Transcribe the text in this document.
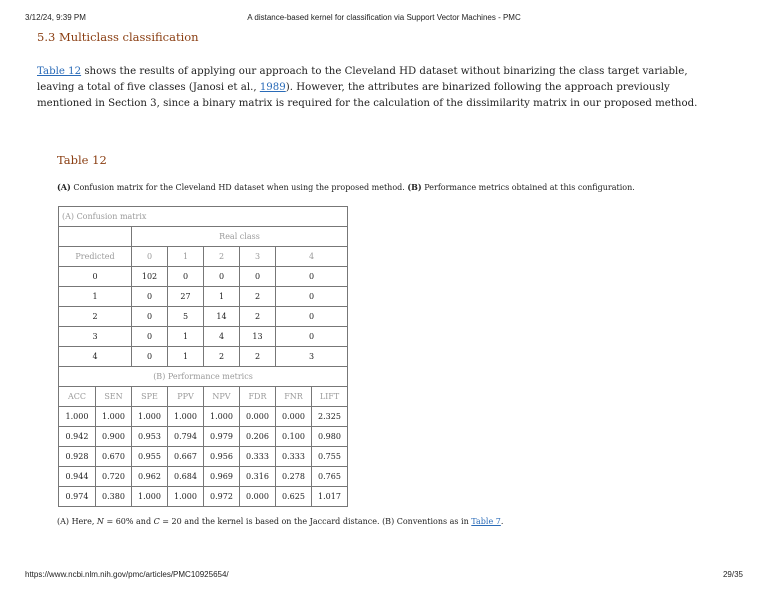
3/12/24, 9:39 PM	A distance-based kernel for classification via Support Vector Machines - PMC
5.3 Multiclass classification
Table 12 shows the results of applying our approach to the Cleveland HD dataset without binarizing the class target variable, leaving a total of five classes (Janosi et al., 1989). However, the attributes are binarized following the approach previously mentioned in Section 3, since a binary matrix is required for the calculation of the dissimilarity matrix in our proposed method.
Table 12
(A) Confusion matrix for the Cleveland HD dataset when using the proposed method. (B) Performance metrics obtained at this configuration.
(A) Confusion matrix							
		Real class					
Predicted		0	1	2	3	4	
0		102	0	0	0	0	
1		0	27	1	2	0	
2		0	5	14	2	0	
3		0	1	4	13	0	
4		0	1	2	2	3	
(B) Performance metrics							
ACC	SEN	SPE	PPV	NPV	FDR	FNR	LIFT
1.000	1.000	1.000	1.000	1.000	0.000	0.000	2.325
0.942	0.900	0.953	0.794	0.979	0.206	0.100	0.980
0.928	0.670	0.955	0.667	0.956	0.333	0.333	0.755
0.944	0.720	0.962	0.684	0.969	0.316	0.278	0.765
0.974	0.380	1.000	1.000	0.972	0.000	0.625	1.017
(A) Here, N = 60% and C = 20 and the kernel is based on the Jaccard distance. (B) Conventions as in Table 7.
https://www.ncbi.nlm.nih.gov/pmc/articles/PMC10925654/	29/35
